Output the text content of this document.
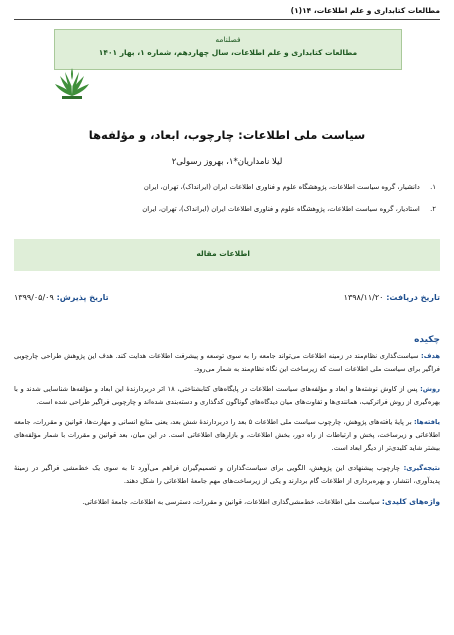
مطالعات کتابداری و علم اطلاعات، ۱۴(۱)
فصلنامه
مطالعات کتابداری و علم اطلاعات، سال چهاردهم، شماره ۱، بهار ۱۴۰۱
سیاست ملی اطلاعات: چارچوب، ابعاد، و مؤلفه‌ها
لیلا نامداریان*۱، بهروز رسولی۲
۱. دانشیار، گروه سیاست اطلاعات، پژوهشگاه علوم و فناوری اطلاعات ایران (ایرانداک)، تهران، ایران
۲. استادیار، گروه سیاست اطلاعات، پژوهشگاه علوم و فناوری اطلاعات ایران (ایرانداک)، تهران، ایران
اطلاعات مقاله
تاریخ دریافت: ۱۳۹۸/۱۱/۲۰
تاریخ پذیرش: ۱۳۹۹/۰۵/۰۹
چکیده

هدف: سیاست‌گذاری نظام‌مند در زمینه اطلاعات می‌تواند جامعه را به سوی توسعه و پیشرفت اطلاعات هدایت کند. هدف این پژوهش طراحی چارچوبی فراگیر برای سیاست ملی اطلاعات است که زیرساخت این نگاه نظام‌مند به شمار می‌رود.

روش: پس از کاوش نوشته‌ها و ابعاد و مؤلفه‌های سیاست اطلاعات در پایگاه‌های کتابشناختی، ۱۸ اثر دربردارندهٔ این ابعاد و مؤلفه‌ها شناسایی شدند و با بهره‌گیری از روش فراترکیب، همانندی‌ها و تفاوت‌های میان دیدگاه‌های گوناگون کدگذاری و دسته‌بندی شده‌اند و چارچوبی فراگیر طراحی شده است.

یافته‌ها: بر پایهٔ یافته‌های پژوهش، چارچوب سیاست ملی اطلاعات ۵ بعد را دربردارندهٔ شش بعد، یعنی منابع انسانی و مهارت‌ها، قوانین و مقررات، جامعه اطلاعاتی و زیرساخت، پخش و ارتباطات از راه دور، بخش اطلاعات، و بازارهای اطلاعاتی است. در این میان، بعد قوانین و مقررات با شمار مؤلفه‌های بیشتر شاید کلیدی‌تر از دیگر ابعاد است.

نتیجه‌گیری: چارچوب پیشنهادی این پژوهش، الگویی برای سیاست‌گذاران و تصمیم‌گیران فراهم می‌آورد تا به سوی یک خط‌مشی فراگیر در زمینهٔ پدیدآوری، انتشار، و بهره‌برداری از اطلاعات گام بردارند و یکی از زیرساخت‌های مهم جامعهٔ اطلاعاتی را شکل دهند.

واژه‌های کلیدی: سیاست ملی اطلاعات، خط‌مشی‌گذاری اطلاعات، قوانین و مقررات، دسترسی به اطلاعات، جامعهٔ اطلاعاتی.
